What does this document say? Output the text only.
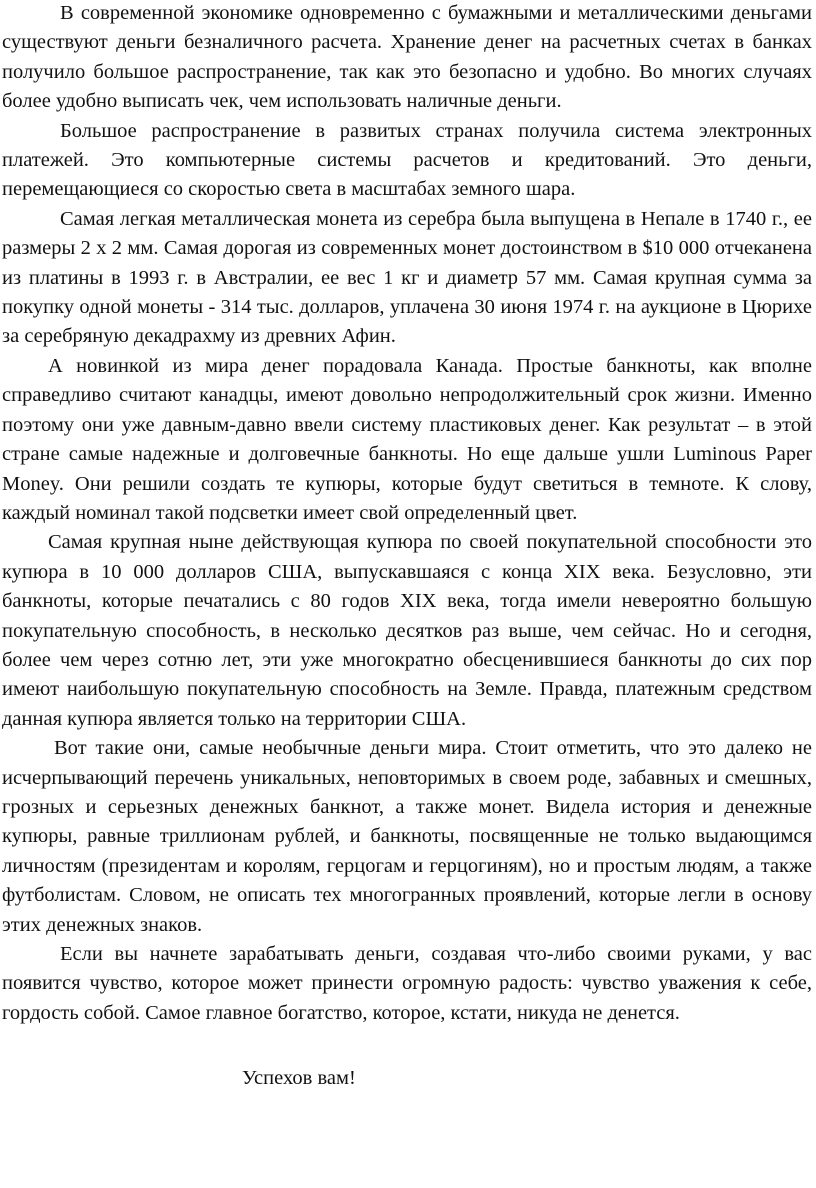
В современной экономике одновременно с бумажными и металлическими деньгами существуют деньги безналичного расчета. Хранение денег на расчетных счетах в банках получило большое распространение, так как это безопасно и удобно. Во многих случаях более удобно выписать чек, чем использовать наличные деньги.

Большое распространение в развитых странах получила система электронных платежей. Это компьютерные системы расчетов и кредитований. Это деньги, перемещающиеся со скоростью света в масштабах земного шара.

Самая легкая металлическая монета из серебра была выпущена в Непале в 1740 г., ее размеры 2 х 2 мм. Самая дорогая из современных монет достоинством в $10 000 отчеканена из платины в 1993 г. в Австралии, ее вес 1 кг и диаметр 57 мм. Самая крупная сумма за покупку одной монеты - 314 тыс. долларов, уплачена 30 июня 1974 г. на аукционе в Цюрихе за серебряную декадрахму из древних Афин.

А новинкой из мира денег порадовала Канада. Простые банкноты, как вполне справедливо считают канадцы, имеют довольно непродолжительный срок жизни. Именно поэтому они уже давным-давно ввели систему пластиковых денег. Как результат – в этой стране самые надежные и долговечные банкноты. Но еще дальше ушли Luminous Paper Money. Они решили создать те купюры, которые будут светиться в темноте. К слову, каждый номинал такой подсветки имеет свой определенный цвет.

Самая крупная ныне действующая купюра по своей покупательной способности это купюра в 10 000 долларов США, выпускавшаяся с конца XIX века. Безусловно, эти банкноты, которые печатались с 80 годов XIX века, тогда имели невероятно большую покупательную способность, в несколько десятков раз выше, чем сейчас. Но и сегодня, более чем через сотню лет, эти уже многократно обесценившиеся банкноты до сих пор имеют наибольшую покупательную способность на Земле. Правда, платежным средством данная купюра является только на территории США.

Вот такие они, самые необычные деньги мира. Стоит отметить, что это далеко не исчерпывающий перечень уникальных, неповторимых в своем роде, забавных и смешных, грозных и серьезных денежных банкнот, а также монет. Видела история и денежные купюры, равные триллионам рублей, и банкноты, посвященные не только выдающимся личностям (президентам и королям, герцогам и герцогиням), но и простым людям, а также футболистам. Словом, не описать тех многогранных проявлений, которые легли в основу этих денежных знаков.

Если вы начнете зарабатывать деньги, создавая что-либо своими руками, у вас появится чувство, которое может принести огромную радость: чувство уважения к себе, гордость собой. Самое главное богатство, которое, кстати, никуда не денется.

Успехов вам!
